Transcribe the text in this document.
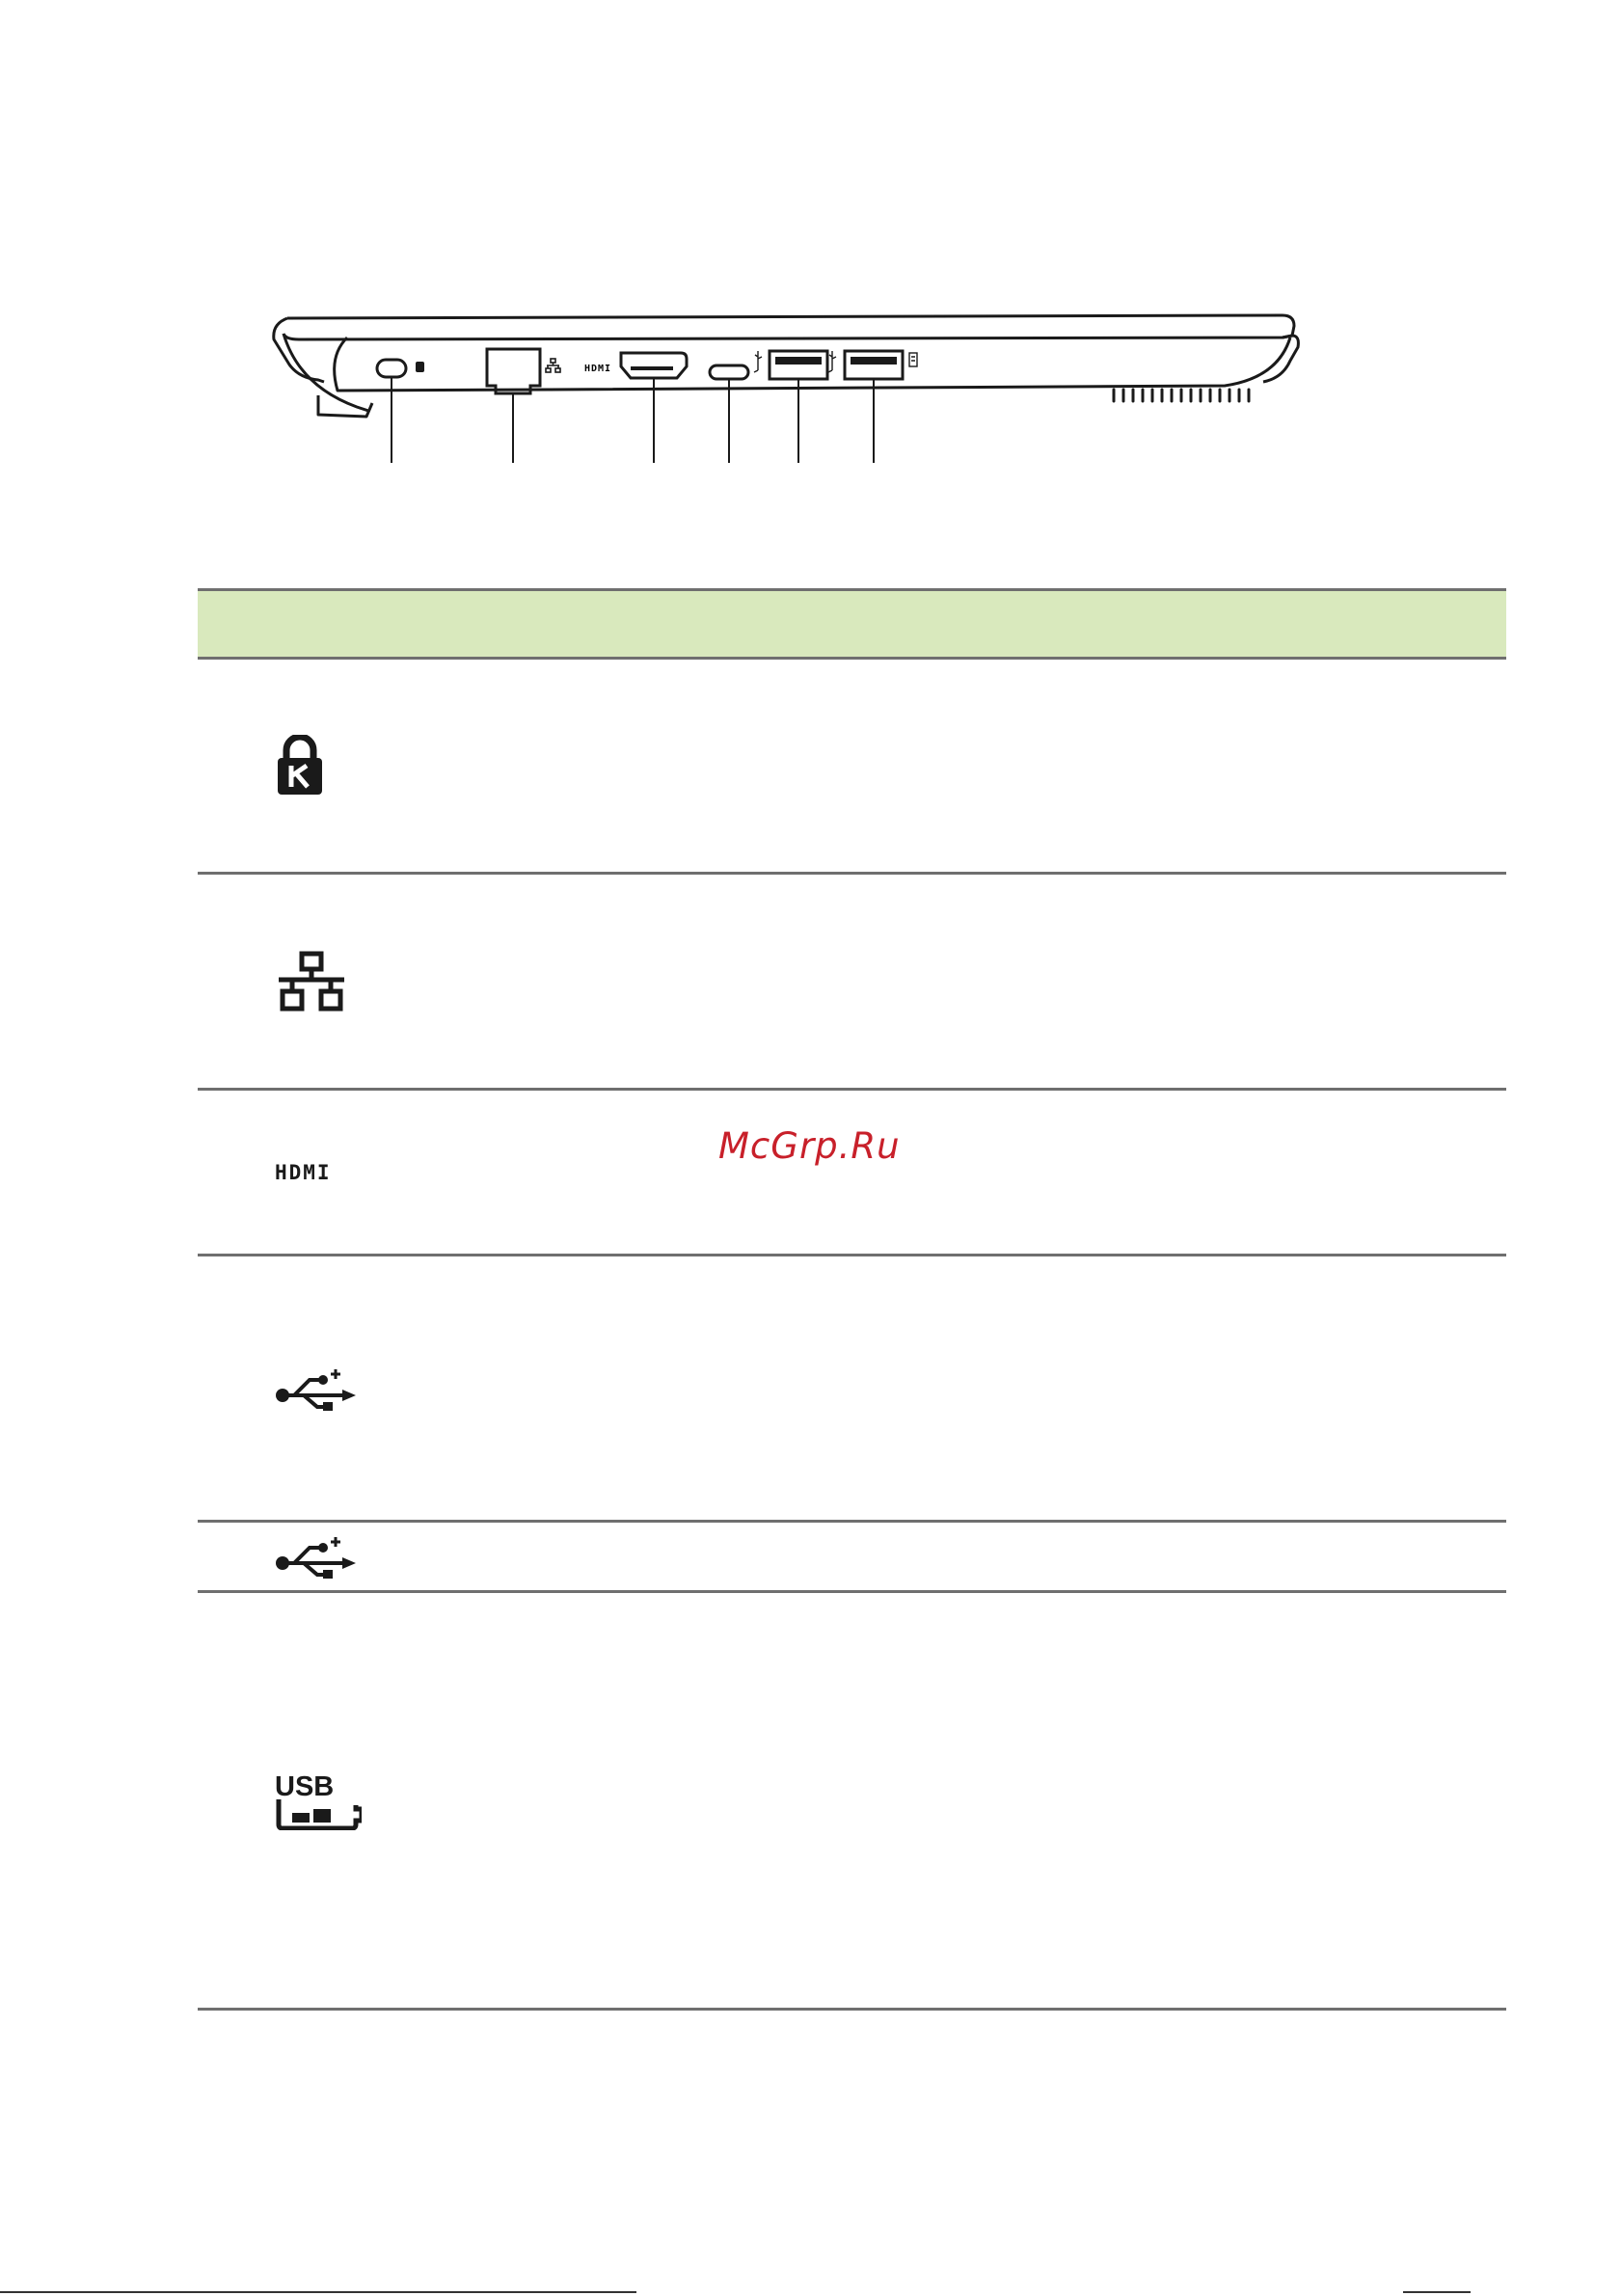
HDMI
HDMI
USB
McGrp.Ru
